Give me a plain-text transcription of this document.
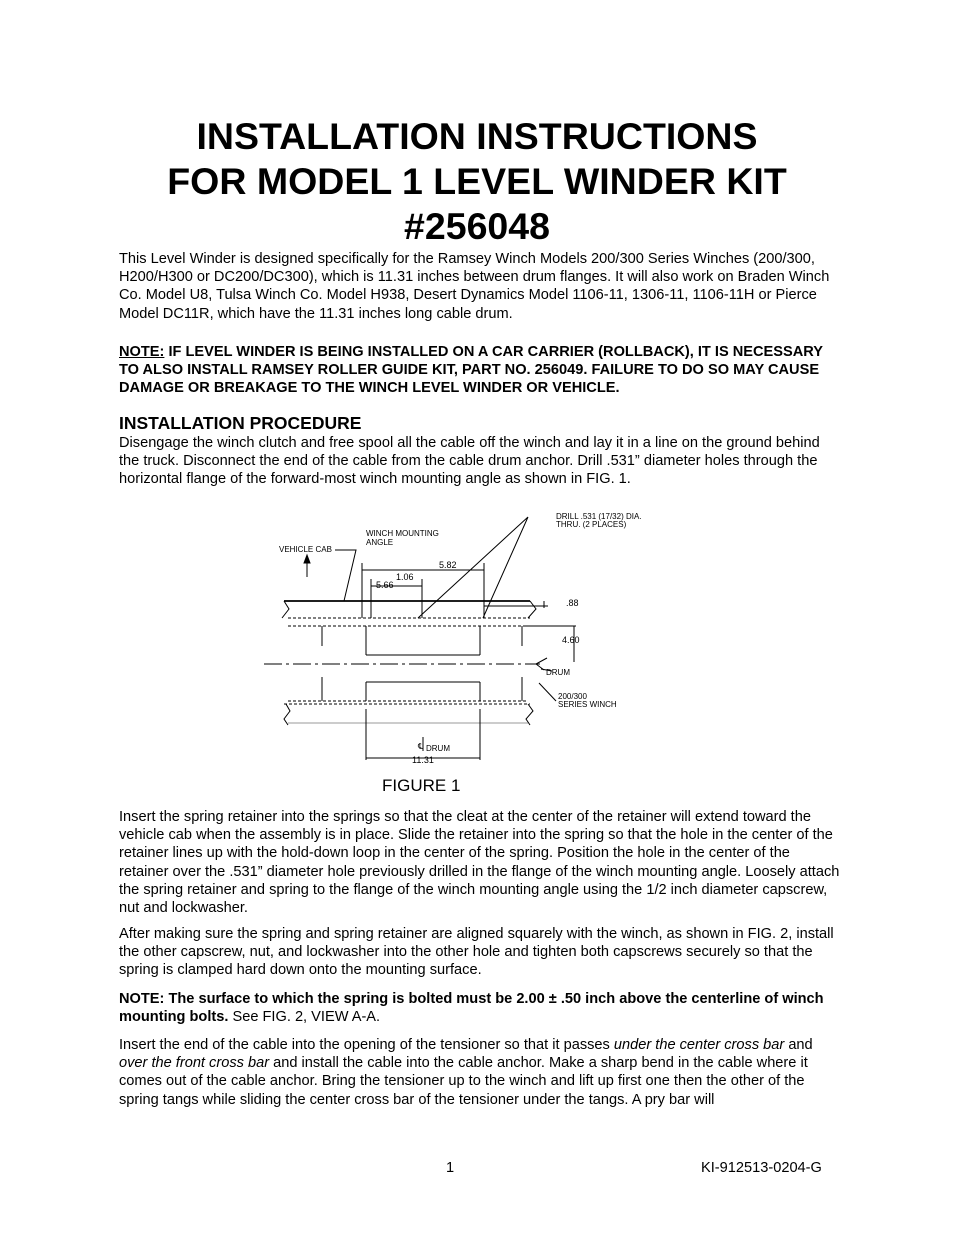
INSTALLATION INSTRUCTIONS
FOR MODEL 1 LEVEL WINDER KIT
#256048
This Level Winder is designed specifically for the Ramsey Winch Models 200/300 Series Winches (200/300, H200/H300 or DC200/DC300), which is 11.31 inches between drum flanges. It will also work on Braden Winch Co. Model U8, Tulsa Winch Co. Model H938, Desert Dynamics Model 1106-11, 1306-11, 1106-11H or Pierce Model DC11R, which have the 11.31 inches long cable drum.
NOTE: IF LEVEL WINDER IS BEING INSTALLED ON A CAR CARRIER (ROLLBACK), IT IS NECESSARY TO ALSO INSTALL RAMSEY ROLLER GUIDE KIT, PART NO. 256049. FAILURE TO DO SO MAY CAUSE DAMAGE OR BREAKAGE TO THE WINCH LEVEL WINDER OR VEHICLE.
INSTALLATION PROCEDURE
Disengage the winch clutch and free spool all the cable off the winch and lay it in a line on the ground behind the truck. Disconnect the end of the cable from the cable drum anchor. Drill .531” diameter holes through the horizontal flange of the forward-most winch mounting angle as shown in FIG. 1.
VEHICLE CAB
WINCH MOUNTING
ANGLE
DRILL .531 (17/32) DIA.
THRU. (2 PLACES)
5.82
1.06
5.66
.88
4.60
DRUM
200/300
SERIES WINCH
℄ DRUM
11.31
FIGURE 1
Insert the spring retainer into the springs so that the cleat at the center of the retainer will extend toward the vehicle cab when the assembly is in place. Slide the retainer into the spring so that the hole in the center of the retainer lines up with the hold-down loop in the center of the spring. Position the hole in the center of the retainer over the .531” diameter hole previously drilled in the flange of the winch mounting angle. Loosely attach the spring retainer and spring to the flange of the winch mounting angle using the 1/2 inch diameter capscrew, nut and lockwasher.
After making sure the spring and spring retainer are aligned squarely with the winch, as shown in FIG. 2, install the other capscrew, nut, and lockwasher into the other hole and tighten both capscrews securely so that the spring is clamped hard down onto the mounting surface.
NOTE: The surface to which the spring is bolted must be 2.00 ± .50 inch above the centerline of winch mounting bolts. See FIG. 2, VIEW A-A.
Insert the end of the cable into the opening of the tensioner so that it passes under the center cross bar and over the front cross bar and install the cable into the cable anchor. Make a sharp bend in the cable where it comes out of the cable anchor. Bring the tensioner up to the winch and lift up first one then the other of the spring tangs while sliding the center cross bar of the tensioner under the tangs. A pry bar will
1	KI-912513-0204-G
